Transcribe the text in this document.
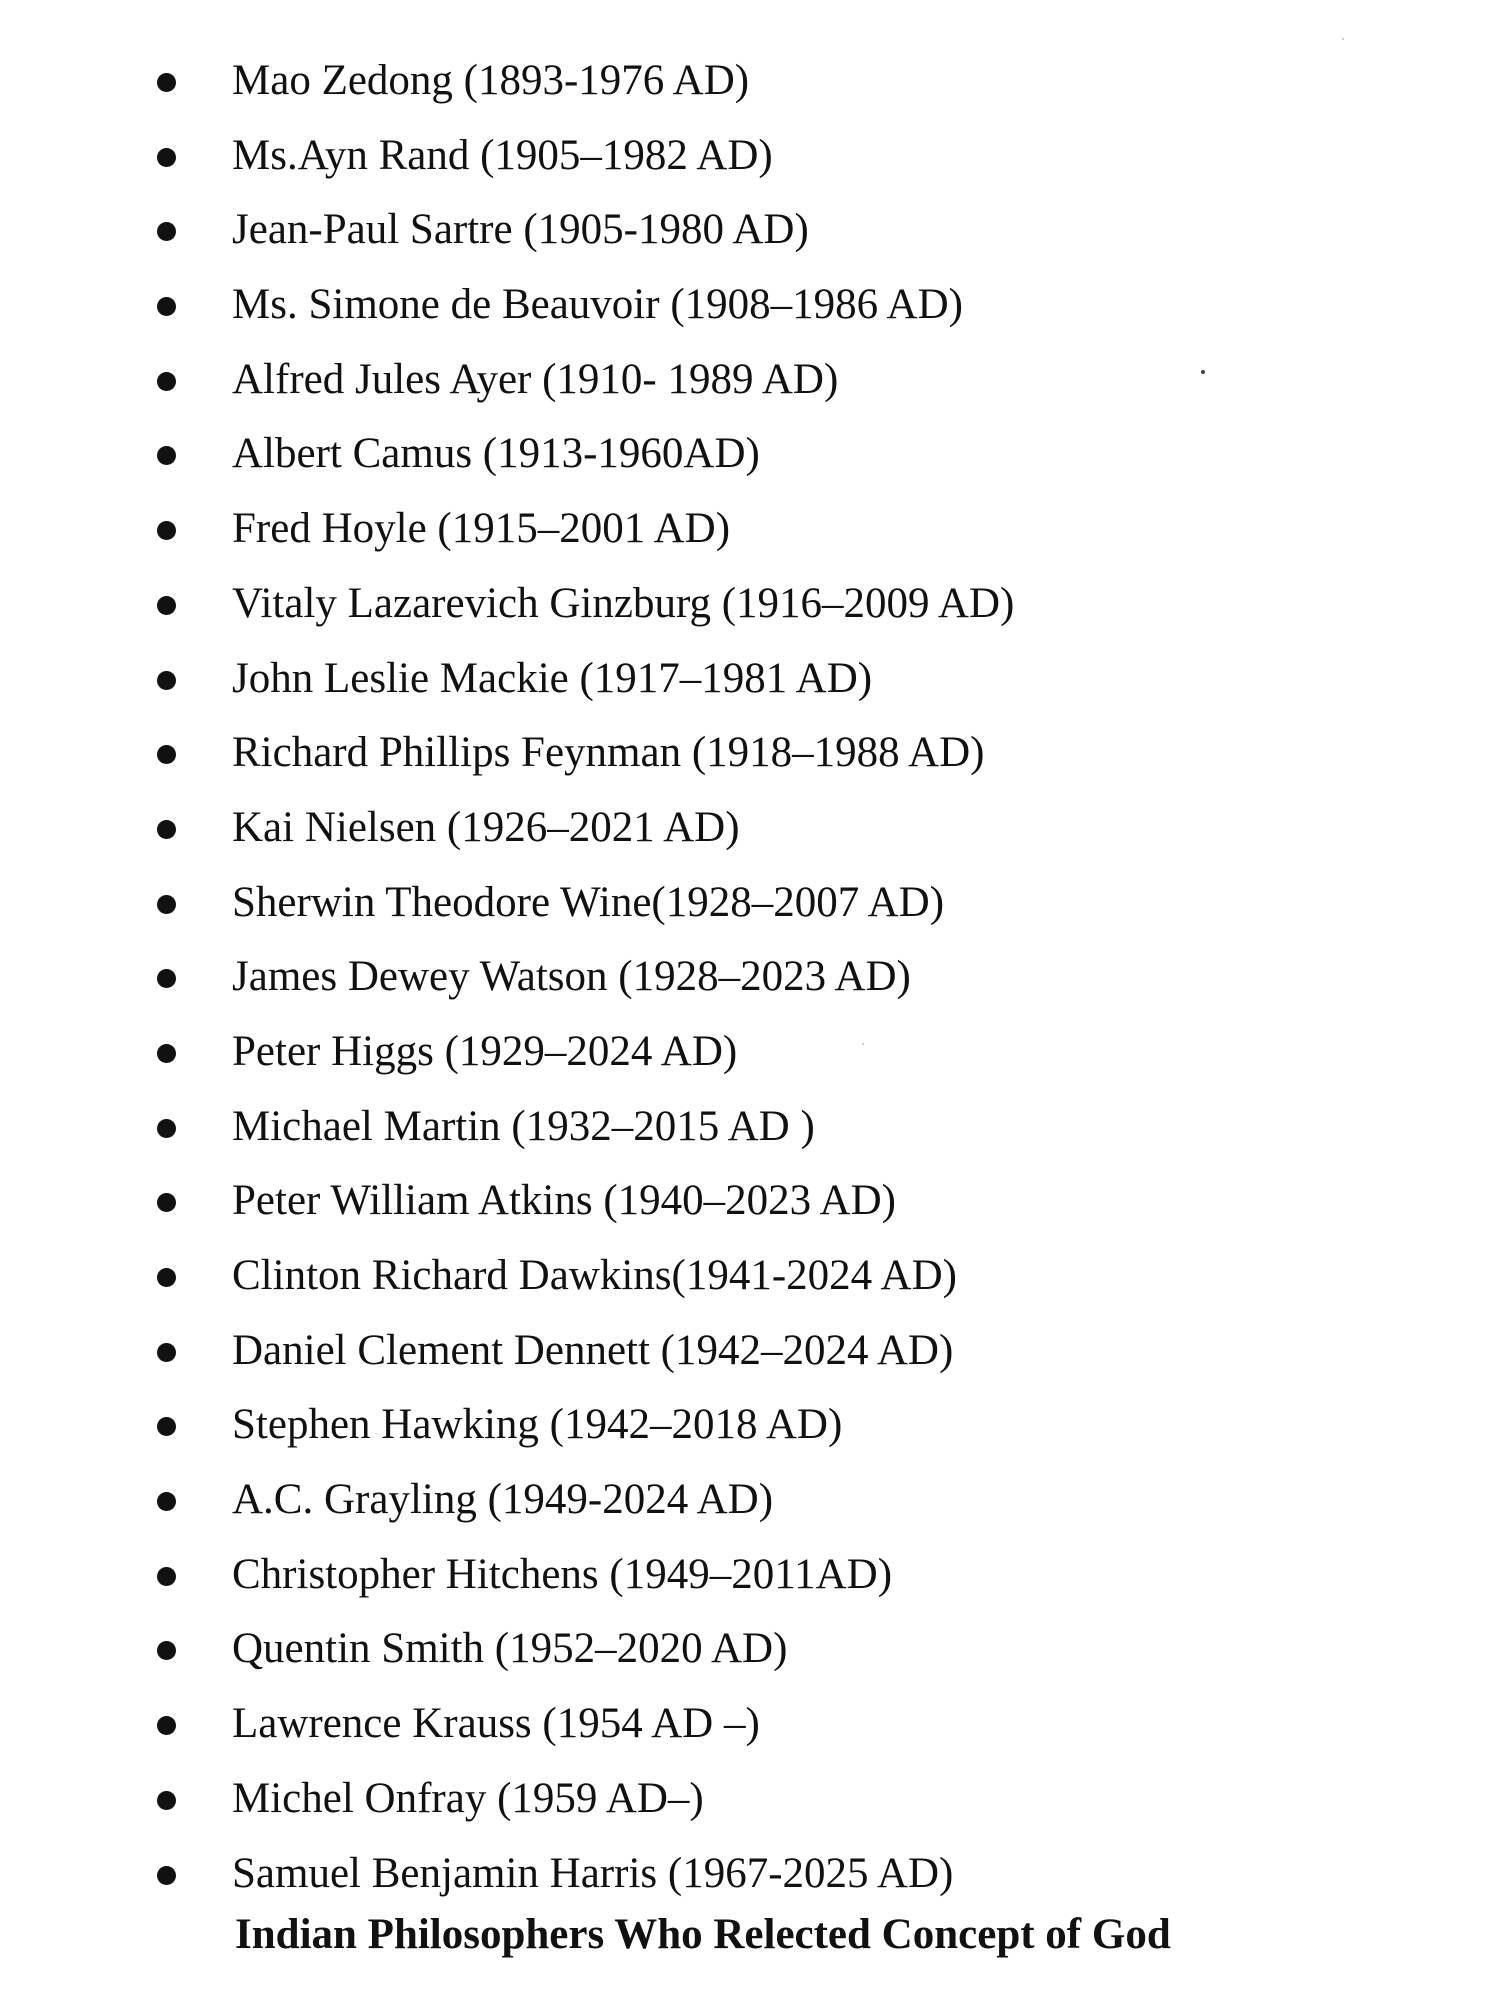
Mao Zedong (1893-1976 AD)
Ms.Ayn Rand (1905–1982 AD)
Jean-Paul Sartre (1905-1980 AD)
Ms. Simone de Beauvoir (1908–1986 AD)
Alfred Jules Ayer (1910- 1989 AD)
Albert Camus (1913-1960AD)
Fred Hoyle (1915–2001 AD)
Vitaly Lazarevich Ginzburg (1916–2009 AD)
John Leslie Mackie (1917–1981 AD)
Richard Phillips Feynman (1918–1988 AD)
Kai Nielsen (1926–2021 AD)
Sherwin Theodore Wine(1928–2007 AD)
James Dewey Watson (1928–2023 AD)
Peter Higgs (1929–2024 AD)
Michael Martin (1932–2015 AD )
Peter William Atkins (1940–2023 AD)
Clinton Richard Dawkins(1941-2024 AD)
Daniel Clement Dennett (1942–2024 AD)
Stephen Hawking (1942–2018 AD)
A.C. Grayling (1949-2024 AD)
Christopher Hitchens (1949–2011AD)
Quentin Smith (1952–2020 AD)
Lawrence Krauss (1954 AD –)
Michel Onfray (1959 AD–)
Samuel Benjamin Harris (1967-2025 AD)
Indian Philosophers Who Relected Concept of God
